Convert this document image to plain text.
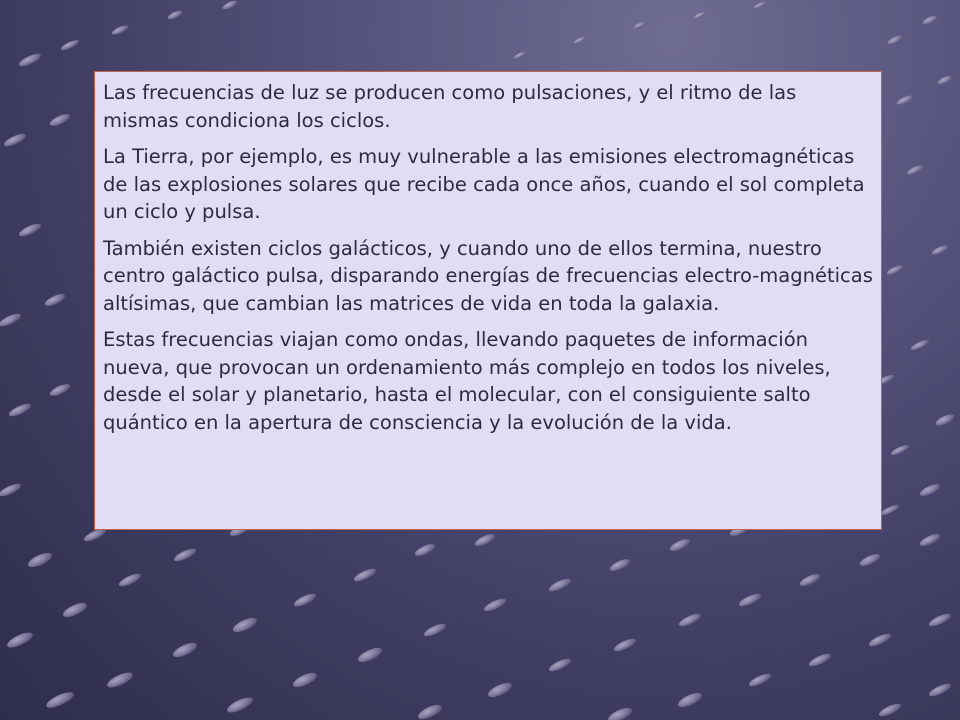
Las frecuencias de luz se producen como pulsaciones, y el ritmo de las mismas condiciona los ciclos.

La Tierra, por ejemplo, es muy vulnerable a las emisiones electromagnéticas de las explosiones solares que recibe cada once años, cuando el sol completa un ciclo y pulsa.

También existen ciclos galácticos, y cuando uno de ellos termina, nuestro centro galáctico pulsa, disparando energías de frecuencias electro-magnéticas altísimas, que cambian las matrices de vida en toda la galaxia.

Estas frecuencias viajan como ondas, llevando paquetes de información nueva, que provocan un ordenamiento más complejo en todos los niveles, desde el solar y planetario, hasta el molecular, con el consiguiente salto quántico en la apertura de consciencia y la evolución de la vida.
